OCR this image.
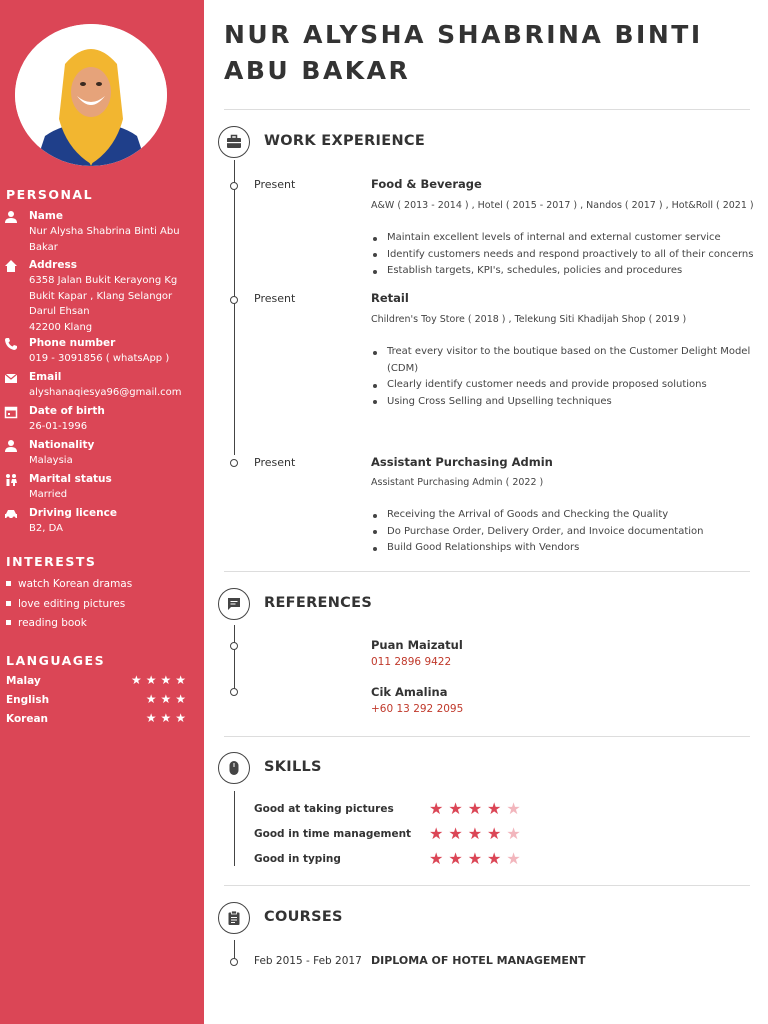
PERSONAL
Name
Nur Alysha Shabrina Binti Abu Bakar
Address
6358 Jalan Bukit Kerayong Kg Bukit Kapar , Klang Selangor Darul Ehsan
42200 Klang
Phone number
019 - 3091856 ( whatsApp )
Email
alyshanaqiesya96@gmail.com
Date of birth
26-01-1996
Nationality
Malaysia
Marital status
Married
Driving licence
B2, DA
INTERESTS
watch Korean dramas
love editing pictures
reading book
LANGUAGES
Malay	★★★★
English	★★★
Korean	★★★
NUR ALYSHA SHABRINA BINTI ABU BAKAR
WORK EXPERIENCE
Present	Food & Beverage
A&W ( 2013 - 2014 ) , Hotel ( 2015 - 2017 ) , Nandos ( 2017 ) , Hot&Roll ( 2021 )
Maintain excellent levels of internal and external customer service
Identify customers needs and respond proactively to all of their concerns
Establish targets, KPI's, schedules, policies and procedures
Present	Retail
Children's Toy Store ( 2018 ) , Telekung Siti Khadijah Shop ( 2019 )
Treat every visitor to the boutique based on the Customer Delight Model (CDM)
Clearly identify customer needs and provide proposed solutions
Using Cross Selling and Upselling techniques
Present	Assistant Purchasing Admin
Assistant Purchasing Admin ( 2022 )
Receiving the Arrival of Goods and Checking the Quality
Do Purchase Order, Delivery Order, and Invoice documentation
Build Good Relationships with Vendors
REFERENCES
Puan Maizatul
011 2896 9422
Cik Amalina
+60 13 292 2095
SKILLS
Good at taking pictures ★★★★★
Good in time management ★★★★★
Good in typing	★★★★★
COURSES
Feb 2015 - Feb 2017 DIPLOMA OF HOTEL MANAGEMENT
